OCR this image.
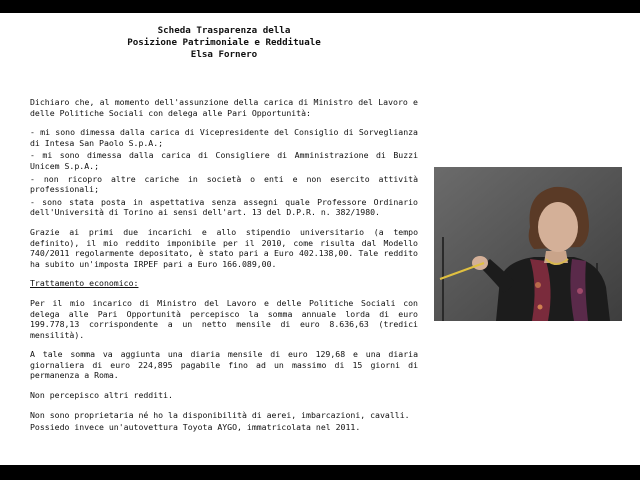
Scheda Trasparenza della
Posizione Patrimoniale e Reddituale
Elsa Fornero

Dichiaro che, al momento dell'assunzione della carica di Ministro del Lavoro e delle Politiche Sociali con delega alle Pari Opportunità:

- mi sono dimessa dalla carica di Vicepresidente del Consiglio di Sorveglianza di Intesa San Paolo S.p.A.;

- mi sono dimessa dalla carica di Consigliere di Amministrazione di Buzzi Unicem S.p.A.;

- non ricopro altre cariche in società o enti e non esercito attività professionali;

- sono stata posta in aspettativa senza assegni quale Professore Ordinario dell'Università di Torino ai sensi dell'art. 13 del D.P.R. n. 382/1980.

Grazie ai primi due incarichi e allo stipendio universitario (a tempo definito), il mio reddito imponibile per il 2010, come risulta dal Modello 740/2011 regolarmente depositato, è stato pari a Euro 402.138,00. Tale reddito ha subito un'imposta IRPEF pari a Euro 166.089,00.

Trattamento economico:

Per il mio incarico di Ministro del Lavoro e delle Politiche Sociali con delega alle Pari Opportunità percepisco la somma annuale lorda di euro 199.778,13 corrispondente a un netto mensile di euro 8.636,63 (tredici mensilità).

A tale somma va aggiunta una diaria mensile di euro 129,68 e una diaria giornaliera di euro 224,895 pagabile fino ad un massimo di 15 giorni di permanenza a Roma.

Non percepisco altri redditi.

Non sono proprietaria né ho la disponibilità di aerei, imbarcazioni, cavalli.

Possiedo invece un'autovettura Toyota AYGO, immatricolata nel 2011.
